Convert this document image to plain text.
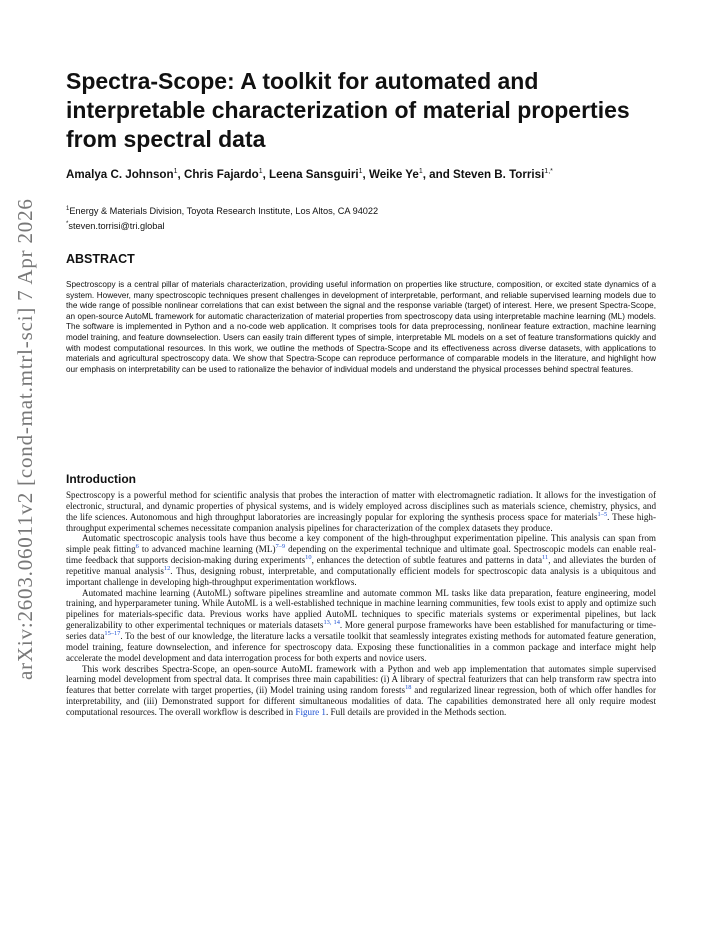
arXiv:2603.06011v2 [cond-mat.mtrl-sci] 7 Apr 2026
Spectra-Scope: A toolkit for automated and interpretable characterization of material properties from spectral data
Amalya C. Johnson$^1$, Chris Fajardo$^1$, Leena Sansguiri$^1$, Weike Ye$^1$, and Steven B. Torrisi$^{1,*}$
$^1$Energy & Materials Division, Toyota Research Institute, Los Altos, CA 94022
*steven.torrisi@tri.global
ABSTRACT

Spectroscopy is a central pillar of materials characterization, providing useful information on properties like structure, composition, or excited state dynamics of a system. However, many spectroscopic techniques present challenges in development of interpretable, performant, and reliable supervised learning models due to the wide range of possible nonlinear correlations that can exist between the signal and the response variable (target) of interest. Here, we present Spectra-Scope, an open-source AutoML framework for automatic characterization of material properties from spectroscopy data using interpretable machine learning (ML) models. The software is implemented in Python and a no-code web application. It comprises tools for data preprocessing, nonlinear feature extraction, machine learning model training, and feature downselection. Users can easily train different types of simple, interpretable ML models on a set of feature transformations quickly and with modest computational resources. In this work, we outline the methods of Spectra-Scope and its effectiveness across diverse datasets, with applications to materials and agricultural spectroscopy data. We show that Spectra-Scope can reproduce performance of comparable models in the literature, and highlight how our emphasis on interpretability can be used to rationalize the behavior of individual models and understand the physical processes behind spectral features.

Introduction

Spectroscopy is a powerful method for scientific analysis that probes the interaction of matter with electromagnetic radiation. It allows for the investigation of electronic, structural, and dynamic properties of physical systems, and is widely employed across disciplines such as materials science, chemistry, physics, and the life sciences. Autonomous and high throughput laboratories are increasingly popular for exploring the synthesis process space for materials$^{1-5}$. These high-throughput experimental schemes necessitate companion analysis pipelines for characterization of the complex datasets they produce.

Automatic spectroscopic analysis tools have thus become a key component of the high-throughput experimentation pipeline. This analysis can span from simple peak fitting$^6$ to advanced machine learning (ML)$^{7-9}$ depending on the experimental technique and ultimate goal. Spectroscopic models can enable real-time feedback that supports decision-making during experiments$^{10}$, enhances the detection of subtle features and patterns in data$^{11}$, and alleviates the burden of repetitive manual analysis$^{12}$. Thus, designing robust, interpretable, and computationally efficient models for spectroscopic data analysis is a ubiquitous and important challenge in developing high-throughput experimentation workflows.

Automated machine learning (AutoML) software pipelines streamline and automate common ML tasks like data preparation, feature engineering, model training, and hyperparameter tuning. While AutoML is a well-established technique in machine learning communities, few tools exist to apply and optimize such pipelines for materials-specific data. Previous works have applied AutoML techniques to specific materials systems or experimental pipelines, but lack generalizability to other experimental techniques or materials datasets$^{13, 14}$. More general purpose frameworks have been established for manufacturing or time-series data$^{15-17}$. To the best of our knowledge, the literature lacks a versatile toolkit that seamlessly integrates existing methods for automated feature generation, model training, feature downselection, and inference for spectroscopy data. Exposing these functionalities in a common package and interface might help accelerate the model development and data interrogation process for both experts and novice users.

This work describes Spectra-Scope, an open-source AutoML framework with a Python and web app implementation that automates simple supervised learning model development from spectral data. It comprises three main capabilities: (i) A library of spectral featurizers that can help transform raw spectra into features that better correlate with target properties, (ii) Model training using random forests$^{18}$ and regularized linear regression, both of which offer handles for interpretability, and (iii) Demonstrated support for different simultaneous modalities of data. The capabilities demonstrated here all only require modest computational resources. The overall workflow is described in Figure 1. Full details are provided in the Methods section.
